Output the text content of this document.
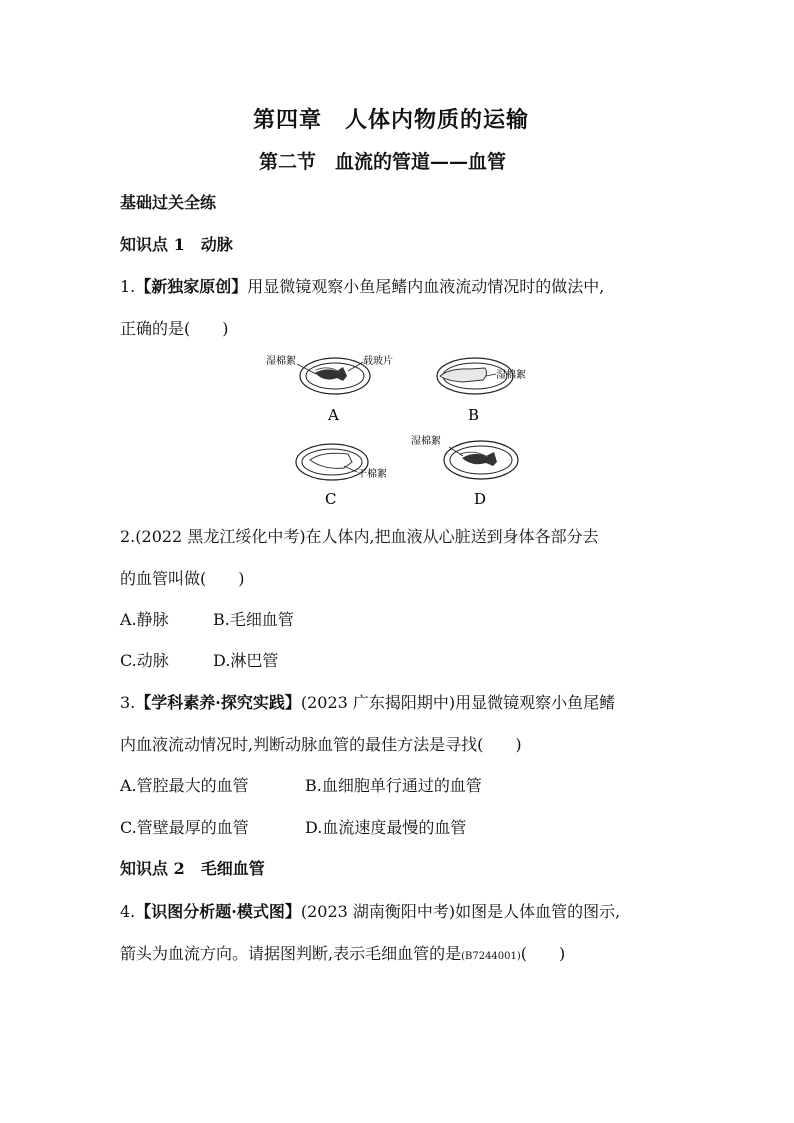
第四章　人体内物质的运输
第二节　血流的管道——血管
基础过关全练
知识点 1　动脉
1.【新独家原创】用显微镜观察小鱼尾鳍内血液流动情况时的做法中,
正确的是(　　)
湿棉絮	载玻片
A
湿棉絮
B
干棉絮
C
湿棉絮
D
2.(2022 黑龙江绥化中考)在人体内,把血液从心脏送到身体各部分去
的血管叫做(　　)
A.静脉	B.毛细血管
C.动脉	D.淋巴管
3.【学科素养·探究实践】(2023 广东揭阳期中)用显微镜观察小鱼尾鳍
内血液流动情况时,判断动脉血管的最佳方法是寻找(　　)
A.管腔最大的血管	B.血细胞单行通过的血管
C.管壁最厚的血管	D.血流速度最慢的血管
知识点 2　毛细血管
4.【识图分析题·模式图】(2023 湖南衡阳中考)如图是人体血管的图示,
箭头为血流方向。请据图判断,表示毛细血管的是(B7244001)(　　)
